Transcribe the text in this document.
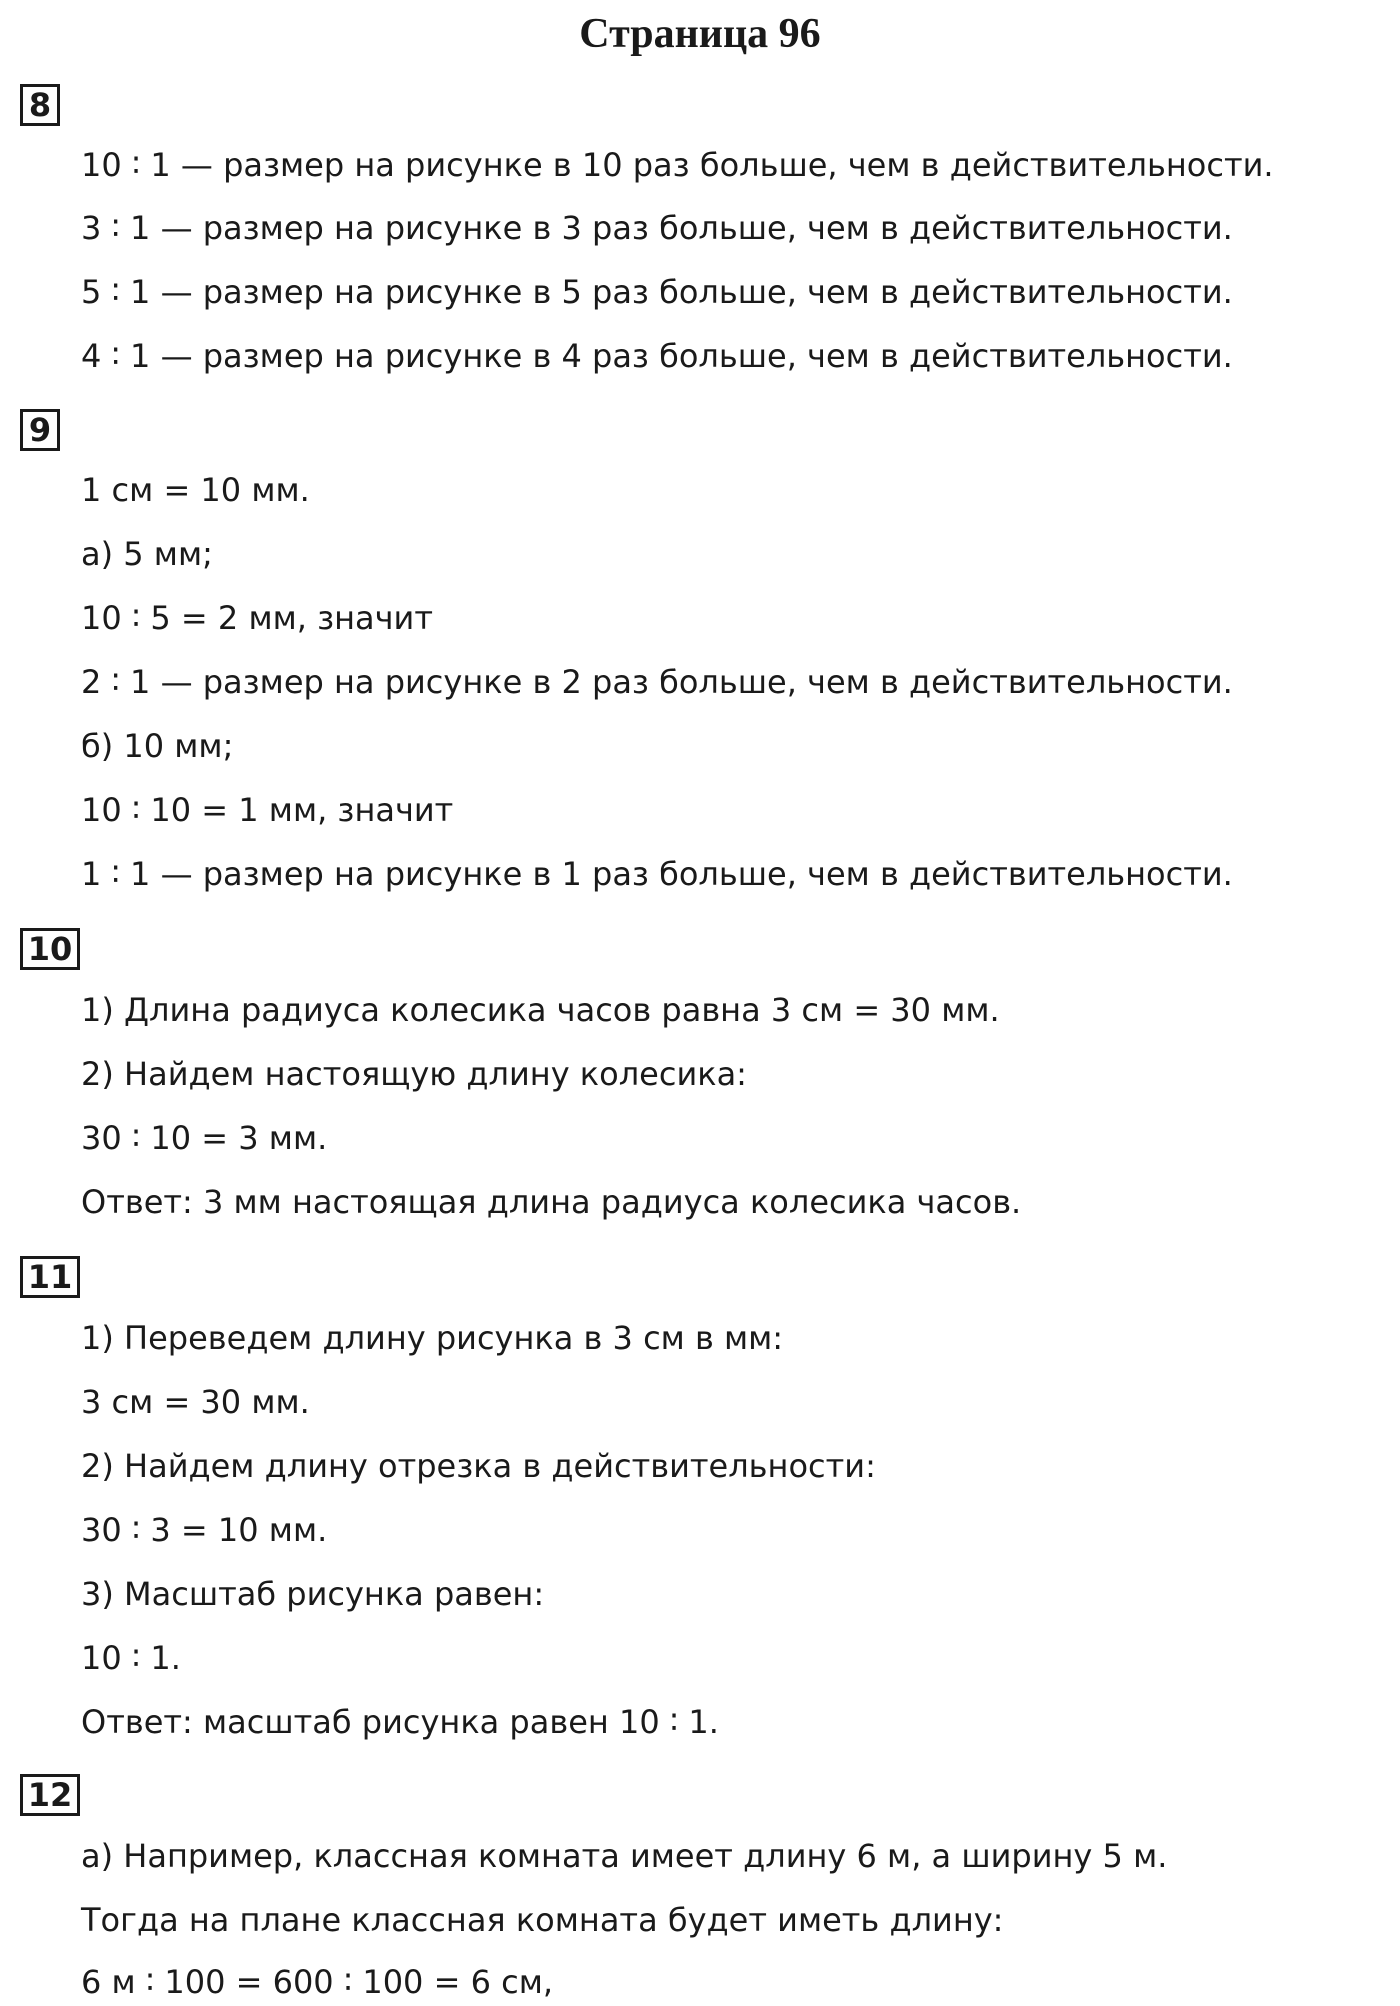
Страница 96
8
10 ∶ 1 — размер на рисунке в 10 раз больше, чем в действительности.
3 ∶ 1 — размер на рисунке в 3 раз больше, чем в действительности.
5 ∶ 1 — размер на рисунке в 5 раз больше, чем в действительности.
4 ∶ 1 — размер на рисунке в 4 раз больше, чем в действительности.
9
1 см = 10 мм.
а) 5 мм;
10 ∶ 5 = 2 мм, значит
2 ∶ 1 — размер на рисунке в 2 раз больше, чем в действительности.
б) 10 мм;
10 ∶ 10 = 1 мм, значит
1 ∶ 1 — размер на рисунке в 1 раз больше, чем в действительности.
10
1) Длина радиуса колесика часов равна 3 см = 30 мм.
2) Найдем настоящую длину колесика:
30 ∶ 10 = 3 мм.
Ответ: 3 мм настоящая длина радиуса колесика часов.
11
1) Переведем длину рисунка в 3 см в мм:
3 см = 30 мм.
2) Найдем длину отрезка в действительности:
30 ∶ 3 = 10 мм.
3) Масштаб рисунка равен:
10 ∶ 1.
Ответ: масштаб рисунка равен 10 ∶ 1.
12
а) Например, классная комната имеет длину 6 м, а ширину 5 м.
Тогда на плане классная комната будет иметь длину:
6 м ∶ 100 = 600 ∶ 100 = 6 см,
